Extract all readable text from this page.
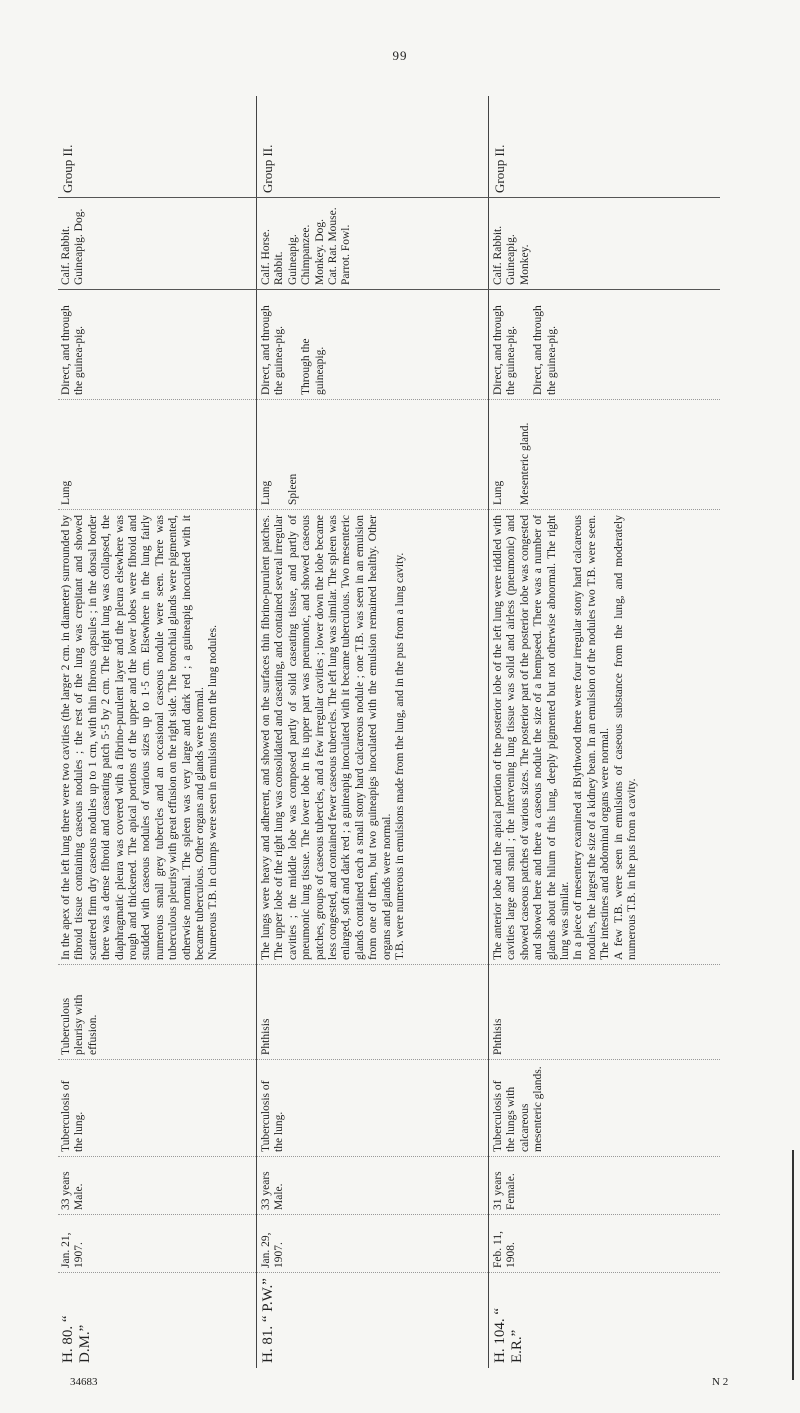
99
H. 80. “ D.M.”
Jan. 21, 1907.
33 years Male.
Tuberculosis of the lung.
Tuberculous pleurisy with effusion.

In the apex of the left lung there were two cavities (the larger 2 cm. in diameter) surrounded by fibroid tissue containing caseous nodules ; the rest of the lung was crepitant and showed scattered firm dry caseous nodules up to 1 cm, with thin fibrous capsules ; in the dorsal border there was a dense fibroid and caseating patch 5·5 by 2 cm. The right lung was collapsed, the diaphragmatic pleura was covered with a fibrino-purulent layer and the pleura elsewhere was rough and thickened. The apical portions of the upper and the lower lobes were fibroid and studded with caseous nodules of various sizes up to 1·5 cm. Elsewhere in the lung fairly numerous small grey tubercles and an occasional caseous nodule were seen. There was tuberculous pleurisy with great effusion on the right side. The bronchial glands were pigmented, otherwise normal. The spleen was very large and dark red ; a guineapig inoculated with it became tuberculous. Other organs and glands were normal. Numerous T.B. in clumps were seen in emulsions from the lung nodules.

Lung
Direct, and through the guinea-pig.
Calf. Rabbit. Guineapig. Dog.
Group II.
H. 81. “ P.W.”
Jan. 29, 1907.
33 years Male.
Tuberculosis of the lung.
Phthisis

The lungs were heavy and adherent, and showed on the surfaces thin fibrino-purulent patches. The upper lobe of the right lung was consolidated and caseating, and contained several irregular cavities ; the middle lobe was composed partly of solid caseating tissue, and partly of pneumonic lung tissue. The lower lobe in its upper part was pneumonic, and showed caseous patches, groups of caseous tubercles, and a few irregular cavities ; lower down the lobe became less congested, and contained fewer caseous tubercles. The left lung was similar. The spleen was enlarged, soft and dark red ; a guineapig inoculated with it became tuberculous. Two mesenteric glands contained each a small stony hard calcareous nodule ; one T.B. was seen in an emulsion from one of them, but two guineapigs inoculated with the emulsion remained healthy. Other organs and glands were normal. T.B. were numerous in emulsions made from the lung, and in the pus from a lung cavity.

Lung

Spleen
Direct, and through the guinea-pig.

Through the guineapig.
Calf. Horse. Rabbit. Guineapig. Chimpanzee. Monkey. Dog. Cat. Rat. Mouse. Parrot. Fowl.
Group II.
H. 104. “ E.R.”
Feb. 11, 1908.
31 years Female.
Tuberculosis of the lungs with calcareous mesenteric glands.
Phthisis

The anterior lobe and the apical portion of the posterior lobe of the left lung were riddled with cavities large and small ; the intervening lung tissue was solid and airless (pneumonic) and showed caseous patches of various sizes. The posterior part of the posterior lobe was congested and showed here and there a caseous nodule the size of a hempseed. There was a number of glands about the hilum of this lung, deeply pigmented but not otherwise abnormal. The right lung was similar. In a piece of mesentery examined at Blythwood there were four irregular stony hard calcareous nodules, the largest the size of a kidney bean. In an emulsion of the nodules two T.B. were seen. The intestines and abdominal organs were normal. A few T.B. were seen in emulsions of caseous substance from the lung, and moderately numerous T.B. in the pus from a cavity.

Lung

Mesenteric gland.
Direct, and through the guinea-pig.

Direct, and through the guinea-pig.
Calf. Rabbit. Guineapig. Monkey.
Group II.
34683	N 2
